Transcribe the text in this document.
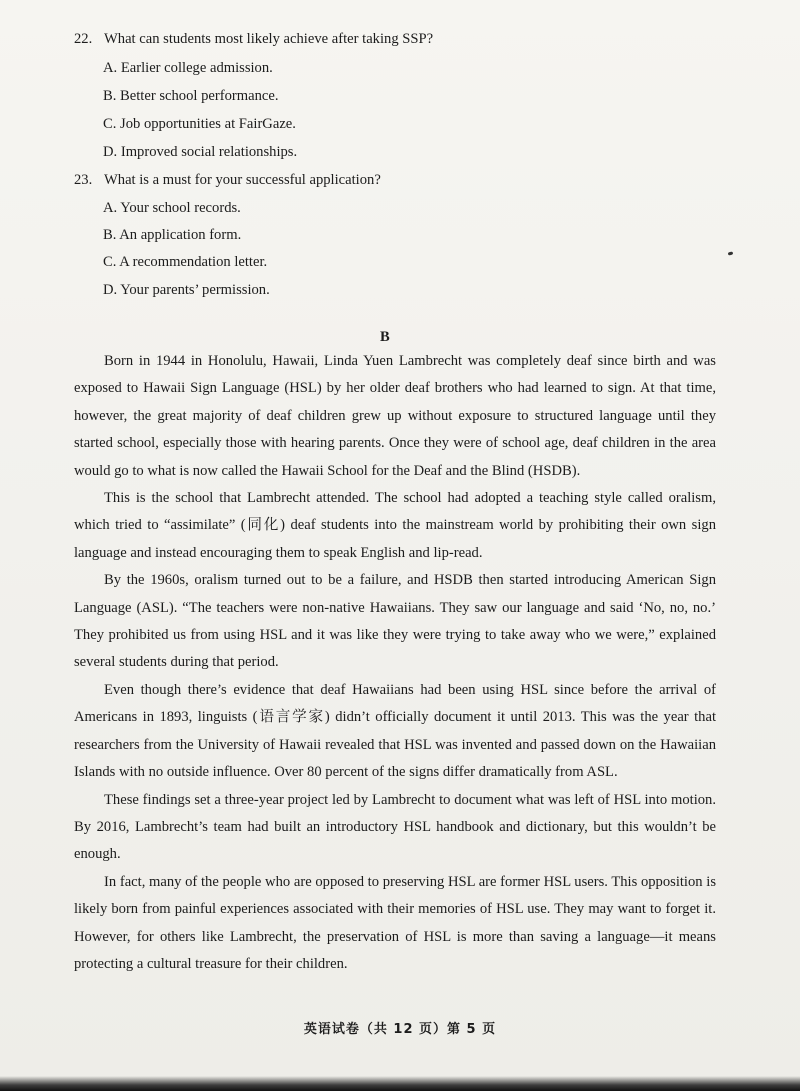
22. What can students most likely achieve after taking SSP?
A. Earlier college admission.
B. Better school performance.
C. Job opportunities at FairGaze.
D. Improved social relationships.
23. What is a must for your successful application?
A. Your school records.
B. An application form.
C. A recommendation letter.
D. Your parents’ permission.
B

Born in 1944 in Honolulu, Hawaii, Linda Yuen Lambrecht was completely deaf since birth and was exposed to Hawaii Sign Language (HSL) by her older deaf brothers who had learned to sign. At that time, however, the great majority of deaf children grew up without exposure to structured language until they started school, especially those with hearing parents. Once they were of school age, deaf children in the area would go to what is now called the Hawaii School for the Deaf and the Blind (HSDB).

This is the school that Lambrecht attended. The school had adopted a teaching style called oralism, which tried to “assimilate” (同化) deaf students into the mainstream world by prohibiting their own sign language and instead encouraging them to speak English and lip-read.

By the 1960s, oralism turned out to be a failure, and HSDB then started introducing American Sign Language (ASL). “The teachers were non-native Hawaiians. They saw our language and said ‘No, no, no.’ They prohibited us from using HSL and it was like they were trying to take away who we were,” explained several students during that period.

Even though there’s evidence that deaf Hawaiians had been using HSL since before the arrival of Americans in 1893, linguists (语言学家) didn’t officially document it until 2013. This was the year that researchers from the University of Hawaii revealed that HSL was invented and passed down on the Hawaiian Islands with no outside influence. Over 80 percent of the signs differ dramatically from ASL.

These findings set a three-year project led by Lambrecht to document what was left of HSL into motion. By 2016, Lambrecht’s team had built an introductory HSL handbook and dictionary, but this wouldn’t be enough.

In fact, many of the people who are opposed to preserving HSL are former HSL users. This opposition is likely born from painful experiences associated with their memories of HSL use. They may want to forget it. However, for others like Lambrecht, the preservation of HSL is more than saving a language—it means protecting a cultural treasure for their children.

英语试卷（共 12 页）第 5 页
